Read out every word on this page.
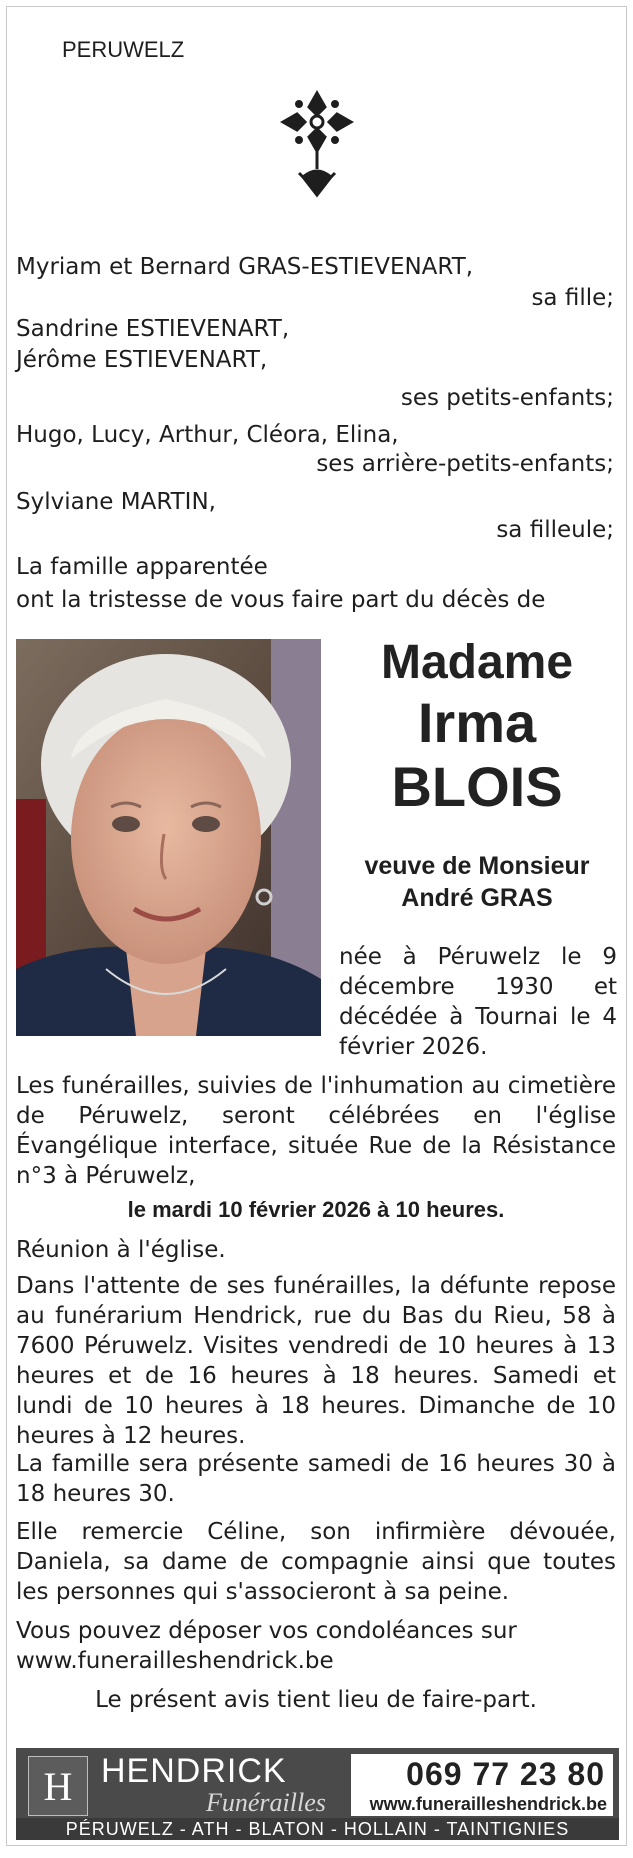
PERUWELZ
Myriam et Bernard GRAS-ESTIEVENART,
sa fille;
Sandrine ESTIEVENART,
Jérôme ESTIEVENART,
ses petits-enfants;
Hugo, Lucy, Arthur, Cléora, Elina,
ses arrière-petits-enfants;
Sylviane MARTIN,
sa filleule;
La famille apparentée
ont la tristesse de vous faire part du décès de
Madame
Irma
BLOIS
veuve de Monsieur
André GRAS
née à Péruwelz le 9 décembre 1930 et décédée à Tournai le 4 février 2026.
Les funérailles, suivies de l'inhumation au cimetière de Péruwelz, seront célébrées en l'église Évangélique interface, située Rue de la Résistance n°3 à Péruwelz,
le mardi 10 février 2026 à 10 heures.
Réunion à l'église.
Dans l'attente de ses funérailles, la défunte repose au funérarium Hendrick, rue du Bas du Rieu, 58 à 7600 Péruwelz. Visites vendredi de 10 heures à 13 heures et de 16 heures à 18 heures. Samedi et lundi de 10 heures à 18 heures. Dimanche de 10 heures à 12 heures.
La famille sera présente samedi de 16 heures 30 à 18 heures 30.
Elle remercie Céline, son infirmière dévouée, Daniela, sa dame de compagnie ainsi que toutes les personnes qui s'associeront à sa peine.
Vous pouvez déposer vos condoléances sur
www.funerailleshendrick.be
Le présent avis tient lieu de faire-part.
H HENDRICK
Funérailles
069 77 23 80
www.funerailleshendrick.be
PÉRUWELZ - ATH - BLATON - HOLLAIN - TAINTIGNIES
